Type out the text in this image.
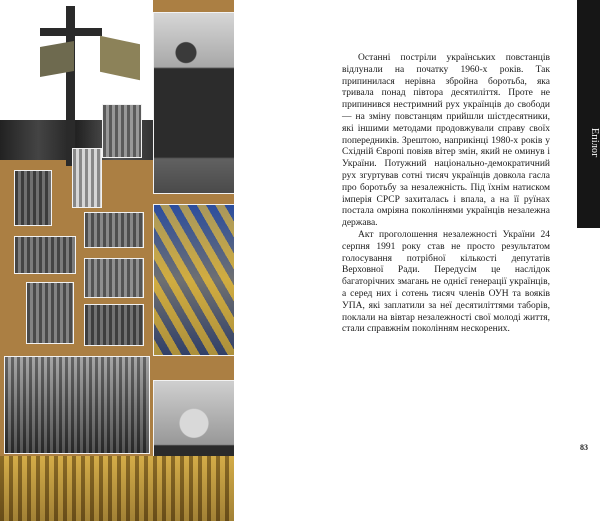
Епілог

Останні постріли українських повстанців відлунали на початку 1960-х років. Так припинилася нерівна збройна боротьба, яка тривала понад півтора десятиліття. Проте не припинився нестримний рух українців до свободи — на зміну повстанцям прийшли шістдесятники, які іншими методами продовжували справу своїх попередників. Зрештою, наприкінці 1980-х років у Східній Європі повіяв вітер змін, який не оминув і України. Потужний національно-демократичний рух згуртував сотні тисяч українців довкола гасла про боротьбу за незалежність. Під їхнім натиском імперія СРСР захиталась і впала, а на її руїнах постала омріяна поколіннями українців незалежна держава.

Акт проголошення незалежності України 24 серпня 1991 року став не просто результатом голосування потрібної кількості депутатів Верховної Ради. Передусім це наслідок багаторічних змагань не однієї генерації українців, а серед них і сотень тисяч членів ОУН та вояків УПА, які заплатили за неї десятиліттями таборів, поклали на вівтар незалежності свої молоді життя, стали справжнім поколінням нескорених.

83
